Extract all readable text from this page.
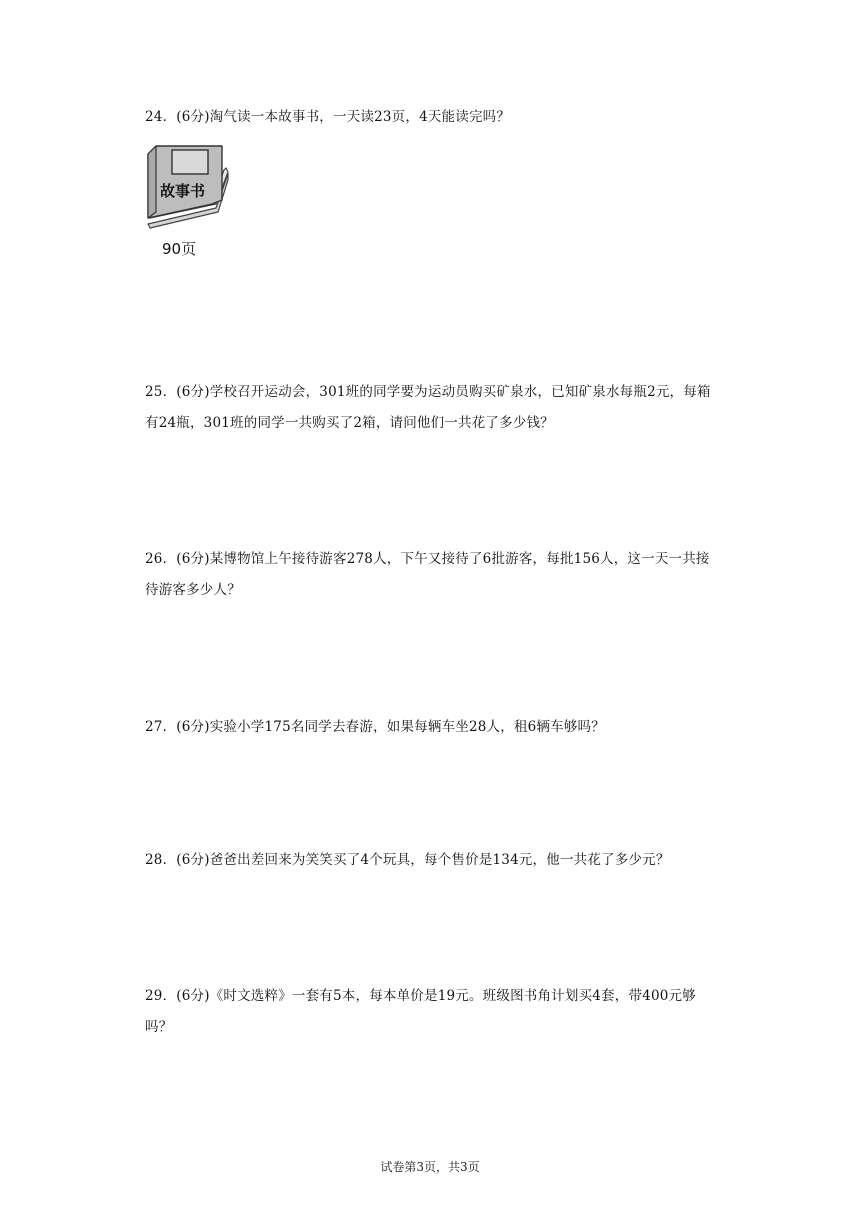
24．(6分)淘气读一本故事书，一天读23页，4天能读完吗？
故事书
90页
25．(6分)学校召开运动会，301班的同学要为运动员购买矿泉水，已知矿泉水每瓶2元，每箱有24瓶，301班的同学一共购买了2箱，请问他们一共花了多少钱？
26．(6分)某博物馆上午接待游客278人，下午又接待了6批游客，每批156人，这一天一共接待游客多少人？
27．(6分)实验小学175名同学去春游，如果每辆车坐28人，租6辆车够吗？
28．(6分)爸爸出差回来为笑笑买了4个玩具，每个售价是134元，他一共花了多少元？
29．(6分)《时文选粹》一套有5本，每本单价是19元。班级图书角计划买4套，带400元够吗？
试卷第3页，共3页
